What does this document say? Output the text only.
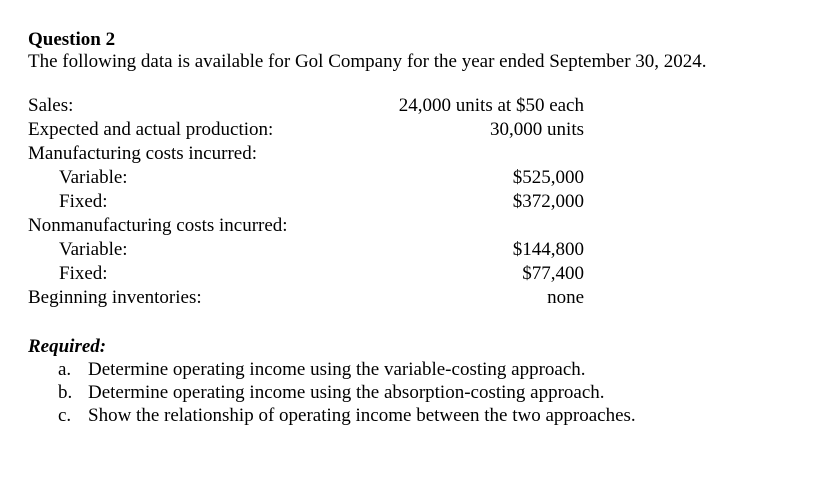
Question 2
The following data is available for Gol Company for the year ended September 30, 2024.
Sales:	24,000 units at $50 each
Expected and actual production:	30,000 units
Manufacturing costs incurred:	
Variable:	$525,000
Fixed:	$372,000
Nonmanufacturing costs incurred:	
Variable:	$144,800
Fixed:	$77,400
Beginning inventories:	none
Required:
a. Determine operating income using the variable-costing approach.
b. Determine operating income using the absorption-costing approach.
c. Show the relationship of operating income between the two approaches.
